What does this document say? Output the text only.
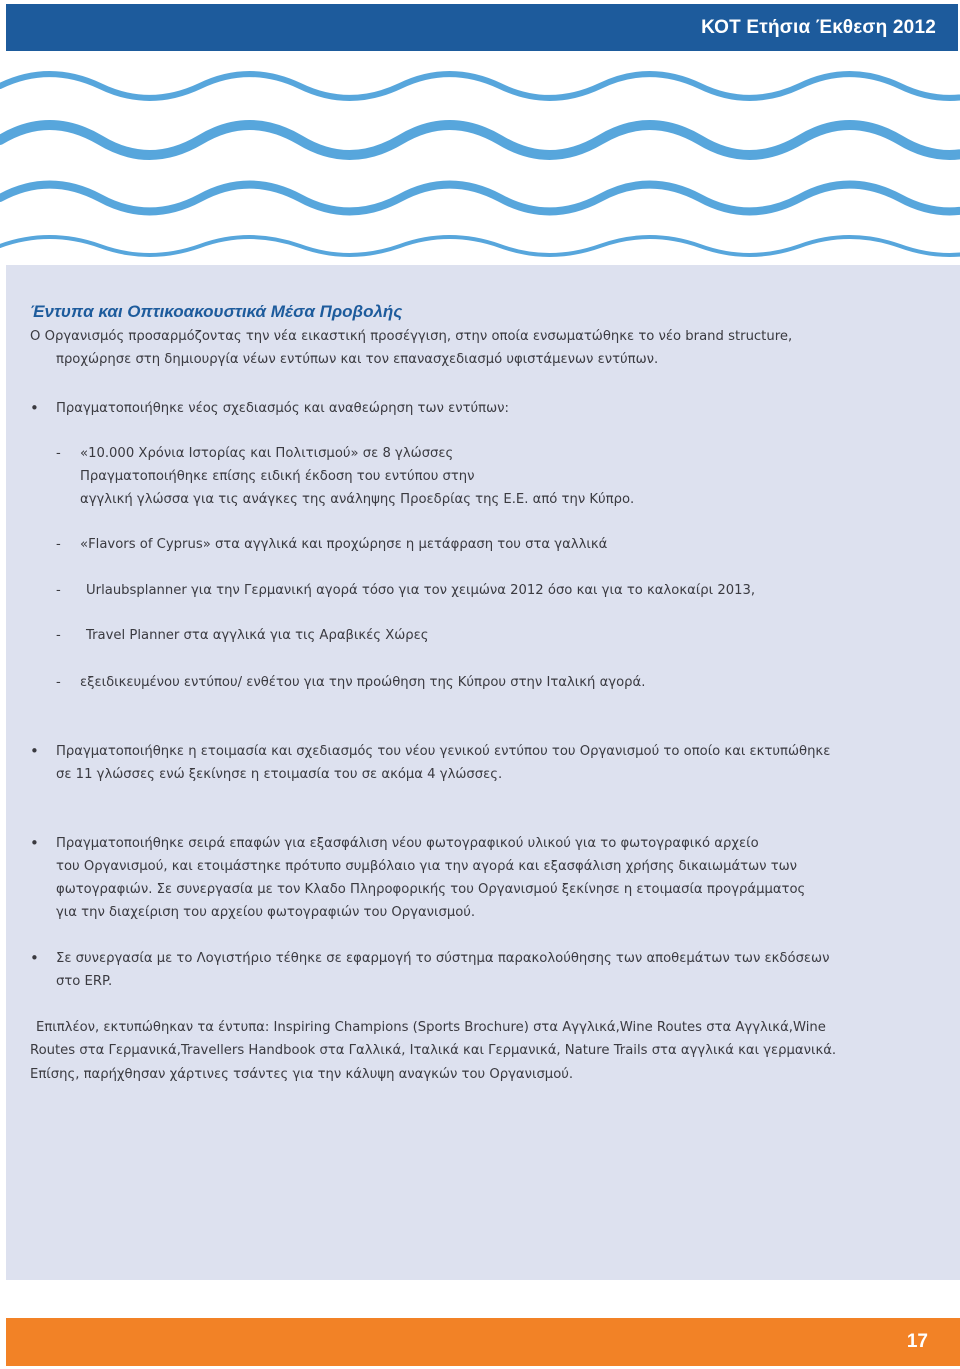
ΚΟΤ Ετήσια Έκθεση 2012
Έντυπα και Οπτικοακουστικά Μέσα Προβολής

Ο Οργανισμός προσαρμόζοντας την νέα εικαστική προσέγγιση, στην οποία ενσωματώθηκε το νέο brand structure,

προχώρησε στη δημιουργία νέων εντύπων και τον επανασχεδιασμό υφιστάμενων εντύπων.

• Πραγματοποιήθηκε νέος σχεδιασμός και αναθεώρηση των εντύπων:

- «10.000 Χρόνια Ιστορίας και Πολιτισμού» σε 8 γλώσσες

Πραγματοποιήθηκε επίσης ειδική έκδοση του εντύπου στην

αγγλική γλώσσα για τις ανάγκες της ανάληψης Προεδρίας της Ε.Ε. από την Κύπρο.

- «Flavors of Cyprus» στα αγγλικά και προχώρησε η μετάφραση του στα γαλλικά

- Urlaubsplanner για την Γερμανική αγορά τόσο για τον χειμώνα 2012 όσο και για το καλοκαίρι 2013,

- Travel Planner στα αγγλικά για τις Αραβικές Χώρες

- εξειδικευμένου εντύπου/ ενθέτου για την προώθηση της Κύπρου στην Ιταλική αγορά.

• Πραγματοποιήθηκε η ετοιμασία και σχεδιασμός του νέου γενικού εντύπου του Οργανισμού το οποίο και εκτυπώθηκε

σε 11 γλώσσες ενώ ξεκίνησε η ετοιμασία του σε ακόμα 4 γλώσσες.

• Πραγματοποιήθηκε σειρά επαφών για εξασφάλιση νέου φωτογραφικού υλικού για το φωτογραφικό αρχείο

του Οργανισμού, και ετοιμάστηκε πρότυπο συμβόλαιο για την αγορά και εξασφάλιση χρήσης δικαιωμάτων των

φωτογραφιών. Σε συνεργασία με τον Κλαδο Πληροφορικής του Οργανισμού ξεκίνησε η ετοιμασία προγράμματος

για την διαχείριση του αρχείου φωτογραφιών του Οργανισμού.

• Σε συνεργασία με το Λογιστήριο τέθηκε σε εφαρμογή το σύστημα παρακολούθησης των αποθεμάτων των εκδόσεων

στο ERP.

Επιπλέον, εκτυπώθηκαν τα έντυπα: Inspiring Champions (Sports Brochure) στα Αγγλικά,Wine Routes στα Αγγλικά,Wine

Routes στα Γερμανικά,Travellers Handbook στα Γαλλικά, Ιταλικά και Γερμανικά, Nature Trails στα αγγλικά και γερμανικά.

Επίσης, παρήχθησαν χάρτινες τσάντες για την κάλυψη αναγκών του Οργανισμού.

17
